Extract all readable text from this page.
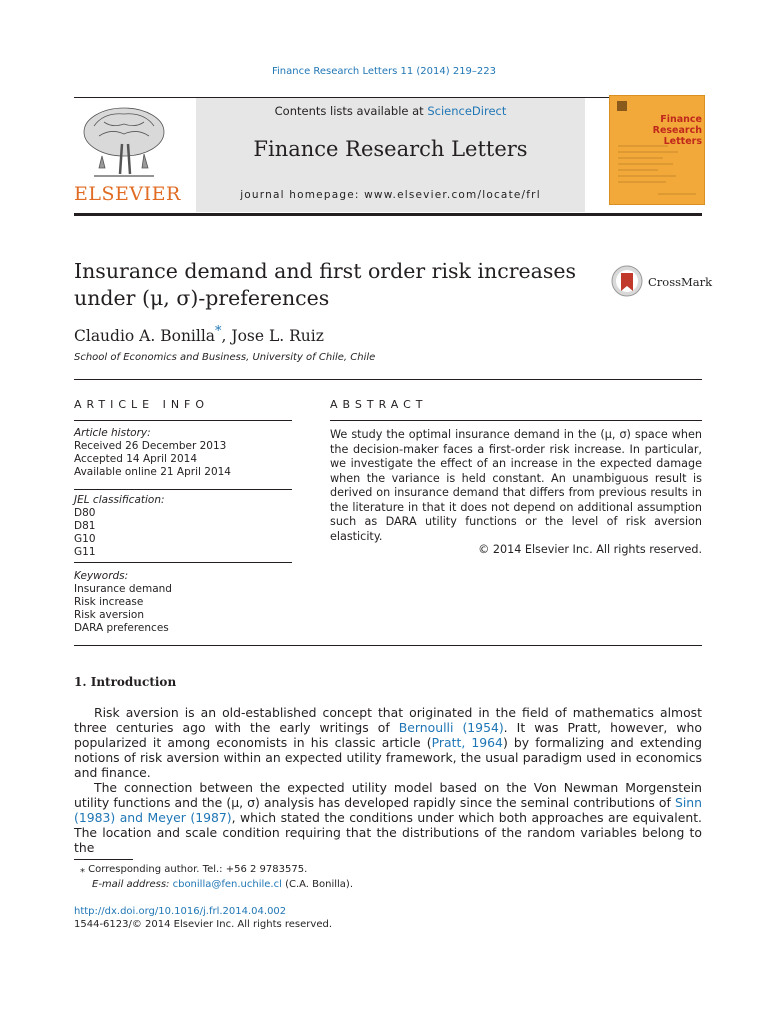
Finance Research Letters 11 (2014) 219–223
ELSEVIER
Contents lists available at ScienceDirect
Finance Research Letters
journal homepage: www.elsevier.com/locate/frl
Finance Research Letters
Insurance demand and first order risk increases
under (μ, σ)-preferences
CrossMark
Claudio A. Bonilla*, Jose L. Ruiz
School of Economics and Business, University of Chile, Chile
ARTICLE INFO
Article history:
Received 26 December 2013
Accepted 14 April 2014
Available online 21 April 2014
JEL classification:
D80
D81
G10
G11
Keywords:
Insurance demand
Risk increase
Risk aversion
DARA preferences
ABSTRACT
We study the optimal insurance demand in the (μ, σ) space when the decision-maker faces a first-order risk increase. In particular, we investigate the effect of an increase in the expected damage when the variance is held constant. An unambiguous result is derived on insurance demand that differs from previous results in the literature in that it does not depend on additional assumption such as DARA utility functions or the level of risk aversion elasticity.
© 2014 Elsevier Inc. All rights reserved.
1. Introduction

Risk aversion is an old-established concept that originated in the field of mathematics almost three centuries ago with the early writings of Bernoulli (1954). It was Pratt, however, who popularized it among economists in his classic article (Pratt, 1964) by formalizing and extending notions of risk aversion within an expected utility framework, the usual paradigm used in economics and finance.

The connection between the expected utility model based on the Von Newman Morgenstein utility functions and the (μ, σ) analysis has developed rapidly since the seminal contributions of Sinn (1983) and Meyer (1987), which stated the conditions under which both approaches are equivalent. The location and scale condition requiring that the distributions of the random variables belong to the

⁎ Corresponding author. Tel.: +56 2 9783575.
E-mail address: cbonilla@fen.uchile.cl (C.A. Bonilla).
http://dx.doi.org/10.1016/j.frl.2014.04.002
1544-6123/© 2014 Elsevier Inc. All rights reserved.
